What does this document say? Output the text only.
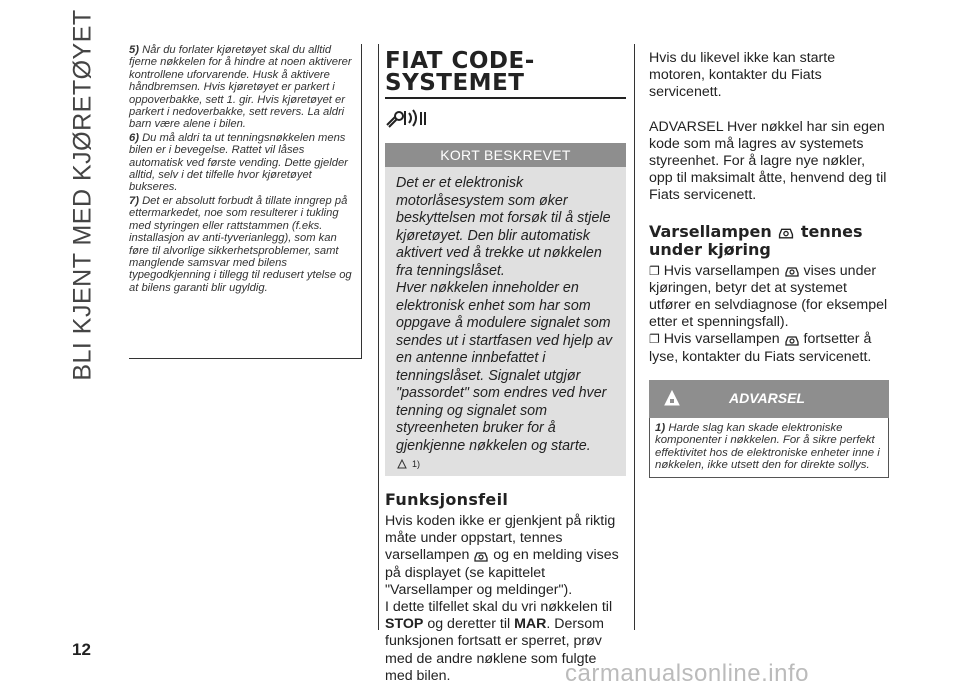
BLI KJENT MED KJØRETØYET	5) Når du forlater kjøretøyet skal du alltid fjerne nøkkelen for å hindre at noen aktiverer kontrollene uforvarende. Husk å aktivere håndbremsen. Hvis kjøretøyet er parkert i oppoverbakke, sett 1. gir. Hvis kjøretøyet er parkert i nedoverbakke, sett revers. La aldri barn være alene i bilen.

6) Du må aldri ta ut tenningsnøkkelen mens bilen er i bevegelse. Rattet vil låses automatisk ved første vending. Dette gjelder alltid, selv i det tilfelle hvor kjøretøyet bukseres.

7) Det er absolutt forbudt å tillate inngrep på ettermarkedet, noe som resulterer i tukling med styringen eller rattstammen (f.eks. installasjon av anti-tyverianlegg), som kan føre til alvorlige sikkerhetsproblemer, samt manglende samsvar med bilens typegodkjenning i tillegg til redusert ytelse og at bilens garanti blir ugyldig.

FIAT CODE-
SYSTEMET
KORT BESKREVET

Det er et elektronisk motorlåsesystem som øker beskyttelsen mot forsøk til å stjele kjøretøyet. Den blir automatisk aktivert ved å trekke ut nøkkelen fra tenningslåset.

Hver nøkkelen inneholder en elektronisk enhet som har som oppgave å modulere signalet som sendes ut i startfasen ved hjelp av en antenne innbefattet i tenningslåset. Signalet utgjør "passordet" som endres ved hver tenning og signalet som styreenheten bruker for å gjenkjenne nøkkelen og starte.

1)
Funksjonsfeil

Hvis koden ikke er gjenkjent på riktig måte under oppstart, tennes varsellampen og en melding vises på displayet (se kapittelet "Varsellamper og meldinger").

I dette tilfellet skal du vri nøkkelen til STOP og deretter til MAR. Dersom funksjonen fortsatt er sperret, prøv med de andre nøklene som fulgte med bilen.

Hvis du likevel ikke kan starte motoren, kontakter du Fiats servicenett.

ADVARSEL Hver nøkkel har sin egen kode som må lagres av systemets styreenhet. For å lagre nye nøkler, opp til maksimalt åtte, henvend deg til Fiats servicenett.

Varsellampen tennes
under kjøring

❐ Hvis varsellampen vises under kjøringen, betyr det at systemet utfører en selvdiagnose (for eksempel etter et spenningsfall).

❐ Hvis varsellampen fortsetter å lyse, kontakter du Fiats servicenett.

ADVARSEL

1) Harde slag kan skade elektroniske komponenter i nøkkelen. For å sikre perfekt effektivitet hos de elektroniske enheter inne i nøkkelen, ikke utsett den for direkte sollys.

12
carmanualsonline.info
